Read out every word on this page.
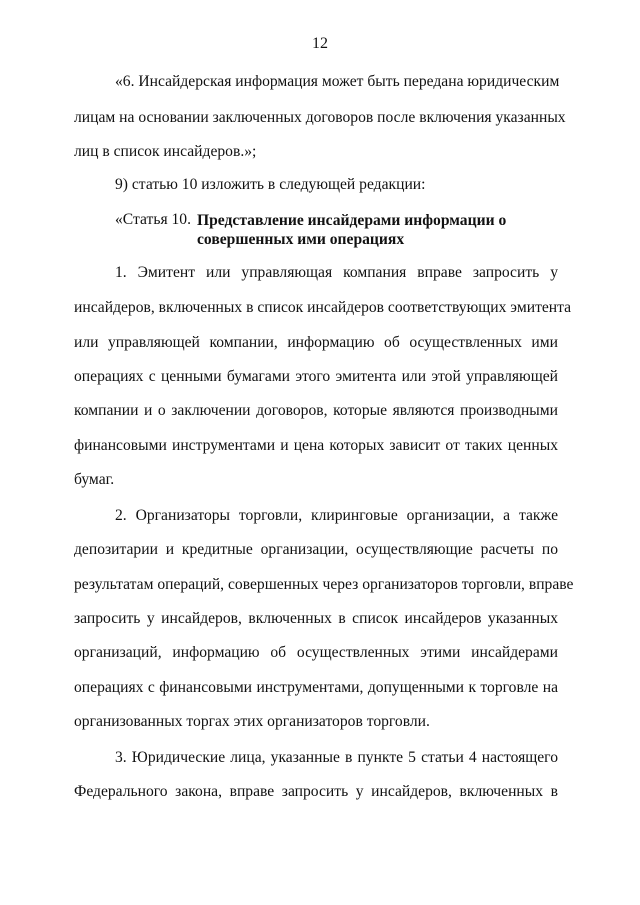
12
«6. Инсайдерская информация может быть передана юридическим
лицам на основании заключенных договоров после включения указанных
лиц в список инсайдеров.»;
9) статью 10 изложить в следующей редакции:
«Статья 10. Представление инсайдерами информации о
совершенных ими операциях
1. Эмитент или управляющая компания вправе запросить у
инсайдеров, включенных в список инсайдеров соответствующих эмитента
или управляющей компании, информацию об осуществленных ими
операциях с ценными бумагами этого эмитента или этой управляющей
компании и о заключении договоров, которые являются производными
финансовыми инструментами и цена которых зависит от таких ценных
бумаг.
2. Организаторы торговли, клиринговые организации, а также
депозитарии и кредитные организации, осуществляющие расчеты по
результатам операций, совершенных через организаторов торговли, вправе
запросить у инсайдеров, включенных в список инсайдеров указанных
организаций, информацию об осуществленных этими инсайдерами
операциях с финансовыми инструментами, допущенными к торговле на
организованных торгах этих организаторов торговли.
3. Юридические лица, указанные в пункте 5 статьи 4 настоящего
Федерального закона, вправе запросить у инсайдеров, включенных в
